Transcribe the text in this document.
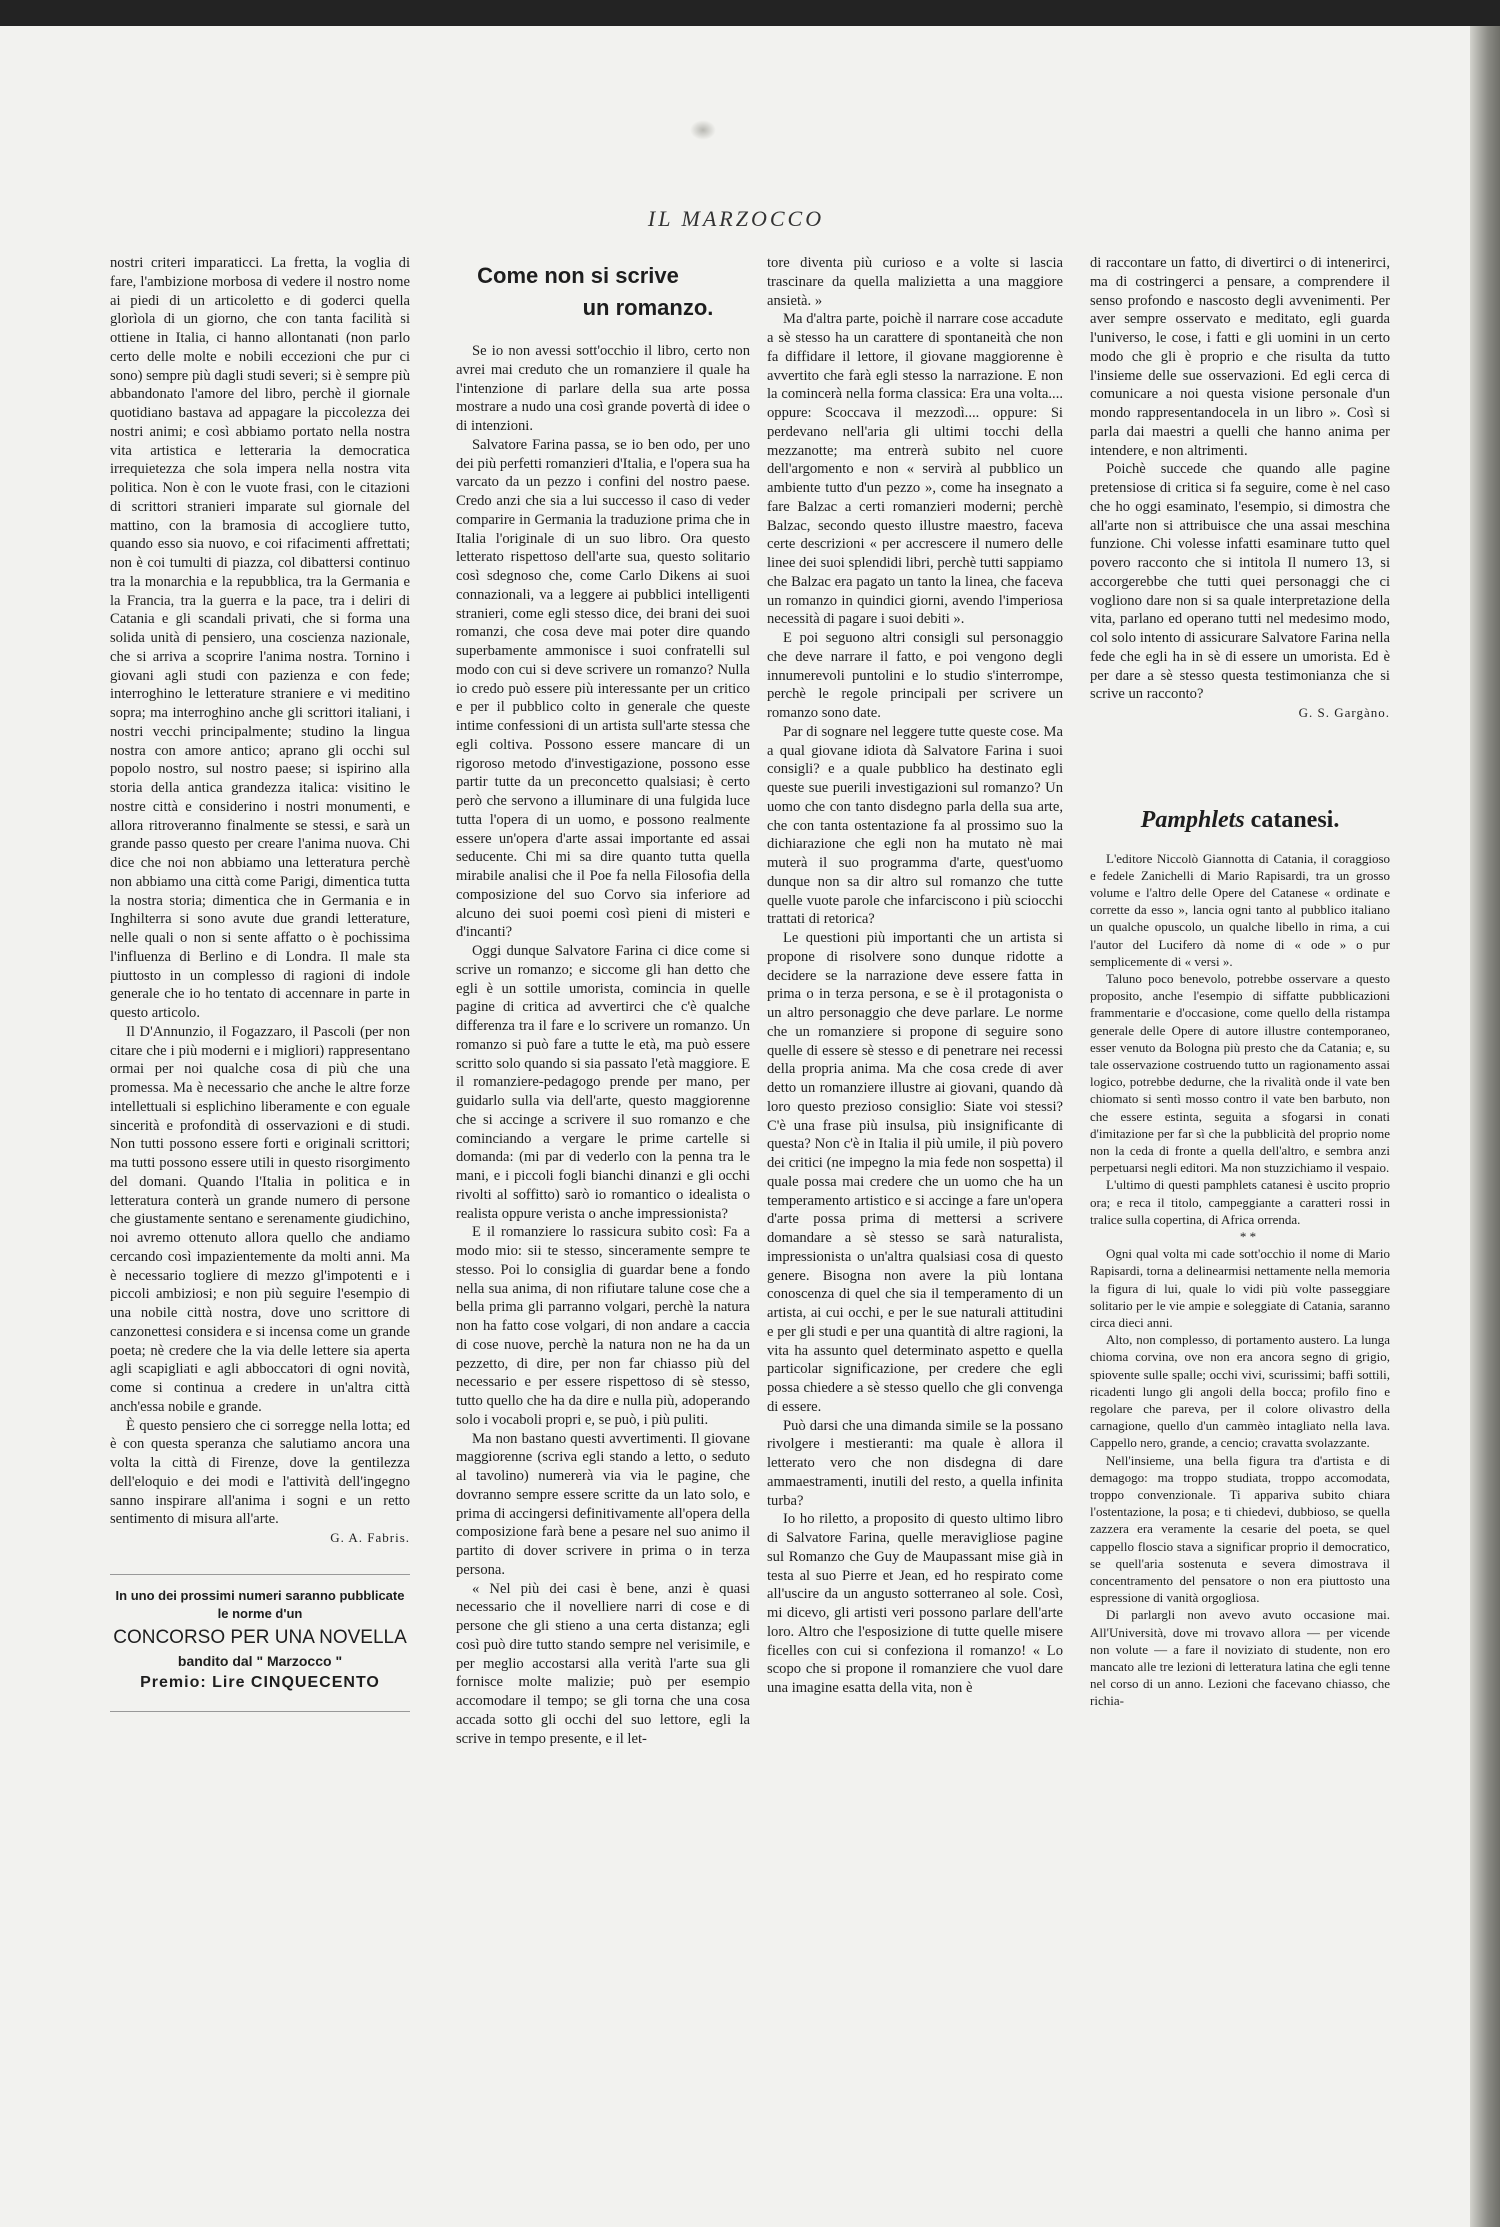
IL MARZOCCO

nostri criteri imparaticci. La fretta, la voglia di fare, l'ambizione morbosa di vedere il nostro nome ai piedi di un articoletto e di goderci quella glorìola di un giorno, che con tanta facilità si ottiene in Italia, ci hanno allontanati (non parlo certo delle molte e nobili eccezioni che pur ci sono) sempre più dagli studi severi; si è sempre più abbandonato l'amore del libro, perchè il giornale quotidiano bastava ad appagare la piccolezza dei nostri animi; e così abbiamo portato nella nostra vita artistica e letteraria la democratica irrequietezza che sola impera nella nostra vita politica. Non è con le vuote frasi, con le citazioni di scrittori stranieri imparate sul giornale del mattino, con la bramosia di accogliere tutto, quando esso sia nuovo, e coi rifacimenti affrettati; non è coi tumulti di piazza, col dibattersi continuo tra la monarchia e la repubblica, tra la Germania e la Francia, tra la guerra e la pace, tra i deliri di Catania e gli scandali privati, che si forma una solida unità di pensiero, una coscienza nazionale, che si arriva a scoprire l'anima nostra. Tornino i giovani agli studi con pazienza e con fede; interroghino le letterature straniere e vi meditino sopra; ma interroghino anche gli scrittori italiani, i nostri vecchi principalmente; studino la lingua nostra con amore antico; aprano gli occhi sul popolo nostro, sul nostro paese; si ispirino alla storia della antica grandezza italica: visitino le nostre città e considerino i nostri monumenti, e allora ritroveranno finalmente se stessi, e sarà un grande passo questo per creare l'anima nuova. Chi dice che noi non abbiamo una letteratura perchè non abbiamo una città come Parigi, dimentica tutta la nostra storia; dimentica che in Germania e in Inghilterra si sono avute due grandi letterature, nelle quali o non si sente affatto o è pochissima l'influenza di Berlino e di Londra. Il male sta piuttosto in un complesso di ragioni di indole generale che io ho tentato di accennare in parte in questo articolo.

Il D'Annunzio, il Fogazzaro, il Pascoli (per non citare che i più moderni e i migliori) rappresentano ormai per noi qualche cosa di più che una promessa. Ma è necessario che anche le altre forze intellettuali si esplichino liberamente e con eguale sincerità e profondità di osservazioni e di studi. Non tutti possono essere forti e originali scrittori; ma tutti possono essere utili in questo risorgimento del domani. Quando l'Italia in politica e in letteratura conterà un grande numero di persone che giustamente sentano e serenamente giudichino, noi avremo ottenuto allora quello che andiamo cercando così impazientemente da molti anni. Ma è necessario togliere di mezzo gl'impotenti e i piccoli ambiziosi; e non più seguire l'esempio di una nobile città nostra, dove uno scrittore di canzonettesi considera e si incensa come un grande poeta; nè credere che la via delle lettere sia aperta agli scapigliati e agli abboccatori di ogni novità, come si continua a credere in un'altra città anch'essa nobile e grande.

È questo pensiero che ci sorregge nella lotta; ed è con questa speranza che salutiamo ancora una volta la città di Firenze, dove la gentilezza dell'eloquio e dei modi e l'attività dell'ingegno sanno inspirare all'anima i sogni e un retto sentimento di misura all'arte.

G. A. Fabris.

In uno dei prossimi numeri saranno pubblicate le norme d'un
CONCORSO PER UNA NOVELLA
bandito dal " Marzocco "
Premio: Lire CINQUECENTO
Come non si scrive
un romanzo.

Se io non avessi sott'occhio il libro, certo non avrei mai creduto che un romanziere il quale ha l'intenzione di parlare della sua arte possa mostrare a nudo una così grande povertà di idee o di intenzioni.

Salvatore Farina passa, se io ben odo, per uno dei più perfetti romanzieri d'Italia, e l'opera sua ha varcato da un pezzo i confini del nostro paese. Credo anzi che sia a lui successo il caso di veder comparire in Germania la traduzione prima che in Italia l'originale di un suo libro. Ora questo letterato rispettoso dell'arte sua, questo solitario così sdegnoso che, come Carlo Dikens ai suoi connazionali, va a leggere ai pubblici intelligenti stranieri, come egli stesso dice, dei brani dei suoi romanzi, che cosa deve mai poter dire quando superbamente ammonisce i suoi confratelli sul modo con cui si deve scrivere un romanzo? Nulla io credo può essere più interessante per un critico e per il pubblico colto in generale che queste intime confessioni di un artista sull'arte stessa che egli coltiva. Possono essere mancare di un rigoroso metodo d'investigazione, possono esse partir tutte da un preconcetto qualsiasi; è certo però che servono a illuminare di una fulgida luce tutta l'opera di un uomo, e possono realmente essere un'opera d'arte assai importante ed assai seducente. Chi mi sa dire quanto tutta quella mirabile analisi che il Poe fa nella Filosofia della composizione del suo Corvo sia inferiore ad alcuno dei suoi poemi così pieni di misteri e d'incanti?

Oggi dunque Salvatore Farina ci dice come si scrive un romanzo; e siccome gli han detto che egli è un sottile umorista, comincia in quelle pagine di critica ad avvertirci che c'è qualche differenza tra il fare e lo scrivere un romanzo. Un romanzo si può fare a tutte le età, ma può essere scritto solo quando si sia passato l'età maggiore. E il romanziere-pedagogo prende per mano, per guidarlo sulla via dell'arte, questo maggiorenne che si accinge a scrivere il suo romanzo e che cominciando a vergare le prime cartelle si domanda: (mi par di vederlo con la penna tra le mani, e i piccoli fogli bianchi dinanzi e gli occhi rivolti al soffitto) sarò io romantico o idealista o realista oppure verista o anche impressionista?

E il romanziere lo rassicura subito così: Fa a modo mio: sii te stesso, sinceramente sempre te stesso. Poi lo consiglia di guardar bene a fondo nella sua anima, di non rifiutare talune cose che a bella prima gli parranno volgari, perchè la natura non ha fatto cose volgari, di non andare a caccia di cose nuove, perchè la natura non ne ha da un pezzetto, di dire, per non far chiasso più del necessario e per essere rispettoso di sè stesso, tutto quello che ha da dire e nulla più, adoperando solo i vocaboli propri e, se può, i più puliti.

Ma non bastano questi avvertimenti. Il giovane maggiorenne (scriva egli stando a letto, o seduto al tavolino) numererà via via le pagine, che dovranno sempre essere scritte da un lato solo, e prima di accingersi definitivamente all'opera della composizione farà bene a pesare nel suo animo il partito di dover scrivere in prima o in terza persona.

« Nel più dei casi è bene, anzi è quasi necessario che il novelliere narri di cose e di persone che gli stieno a una certa distanza; egli così può dire tutto stando sempre nel verisimile, e per meglio accostarsi alla verità l'arte sua gli fornisce molte malizie; può per esempio accomodare il tempo; se gli torna che una cosa accada sotto gli occhi del suo lettore, egli la scrive in tempo presente, e il let-

tore diventa più curioso e a volte si lascia trascinare da quella malizietta a una maggiore ansietà. »

Ma d'altra parte, poichè il narrare cose accadute a sè stesso ha un carattere di spontaneità che non fa diffidare il lettore, il giovane maggiorenne è avvertito che farà egli stesso la narrazione. E non la comincerà nella forma classica: Era una volta.... oppure: Scoccava il mezzodì.... oppure: Si perdevano nell'aria gli ultimi tocchi della mezzanotte; ma entrerà subito nel cuore dell'argomento e non « servirà al pubblico un ambiente tutto d'un pezzo », come ha insegnato a fare Balzac a certi romanzieri moderni; perchè Balzac, secondo questo illustre maestro, faceva certe descrizioni « per accrescere il numero delle linee dei suoi splendidi libri, perchè tutti sappiamo che Balzac era pagato un tanto la linea, che faceva un romanzo in quindici giorni, avendo l'imperiosa necessità di pagare i suoi debiti ».

E poi seguono altri consigli sul personaggio che deve narrare il fatto, e poi vengono degli innumerevoli puntolini e lo studio s'interrompe, perchè le regole principali per scrivere un romanzo sono date.

Par di sognare nel leggere tutte queste cose. Ma a qual giovane idiota dà Salvatore Farina i suoi consigli? e a quale pubblico ha destinato egli queste sue puerili investigazioni sul romanzo? Un uomo che con tanto disdegno parla della sua arte, che con tanta ostentazione fa al prossimo suo la dichiarazione che egli non ha mutato nè mai muterà il suo programma d'arte, quest'uomo dunque non sa dir altro sul romanzo che tutte quelle vuote parole che infarciscono i più sciocchi trattati di retorica?

Le questioni più importanti che un artista si propone di risolvere sono dunque ridotte a decidere se la narrazione deve essere fatta in prima o in terza persona, e se è il protagonista o un altro personaggio che deve parlare. Le norme che un romanziere si propone di seguire sono quelle di essere sè stesso e di penetrare nei recessi della propria anima. Ma che cosa crede di aver detto un romanziere illustre ai giovani, quando dà loro questo prezioso consiglio: Siate voi stessi? C'è una frase più insulsa, più insignificante di questa? Non c'è in Italia il più umile, il più povero dei critici (ne impegno la mia fede non sospetta) il quale possa mai credere che un uomo che ha un temperamento artistico e si accinge a fare un'opera d'arte possa prima di mettersi a scrivere domandare a sè stesso se sarà naturalista, impressionista o un'altra qualsiasi cosa di questo genere. Bisogna non avere la più lontana conoscenza di quel che sia il temperamento di un artista, ai cui occhi, e per le sue naturali attitudini e per gli studi e per una quantità di altre ragioni, la vita ha assunto quel determinato aspetto e quella particolar significazione, per credere che egli possa chiedere a sè stesso quello che gli convenga di essere.

Può darsi che una dimanda simile se la possano rivolgere i mestieranti: ma quale è allora il letterato vero che non disdegna di dare ammaestramenti, inutili del resto, a quella infinita turba?

Io ho riletto, a proposito di questo ultimo libro di Salvatore Farina, quelle meravigliose pagine sul Romanzo che Guy de Maupassant mise già in testa al suo Pierre et Jean, ed ho respirato come all'uscire da un angusto sotterraneo al sole. Così, mi dicevo, gli artisti veri possono parlare dell'arte loro. Altro che l'esposizione di tutte quelle misere ficelles con cui si confeziona il romanzo! « Lo scopo che si propone il romanziere che vuol dare una imagine esatta della vita, non è

di raccontare un fatto, di divertirci o di intenerirci, ma di costringerci a pensare, a comprendere il senso profondo e nascosto degli avvenimenti. Per aver sempre osservato e meditato, egli guarda l'universo, le cose, i fatti e gli uomini in un certo modo che gli è proprio e che risulta da tutto l'insieme delle sue osservazioni. Ed egli cerca di comunicare a noi questa visione personale d'un mondo rappresentandocela in un libro ». Così si parla dai maestri a quelli che hanno anima per intendere, e non altrimenti.

Poichè succede che quando alle pagine pretensiose di critica si fa seguire, come è nel caso che ho oggi esaminato, l'esempio, si dimostra che all'arte non si attribuisce che una assai meschina funzione. Chi volesse infatti esaminare tutto quel povero racconto che si intitola Il numero 13, si accorgerebbe che tutti quei personaggi che ci vogliono dare non si sa quale interpretazione della vita, parlano ed operano tutti nel medesimo modo, col solo intento di assicurare Salvatore Farina nella fede che egli ha in sè di essere un umorista. Ed è per dare a sè stesso questa testimonianza che si scrive un racconto?

G. S. Gargàno.

Pamphlets catanesi.

L'editore Niccolò Giannotta di Catania, il coraggioso e fedele Zanichelli di Mario Rapisardi, tra un grosso volume e l'altro delle Opere del Catanese « ordinate e corrette da esso », lancia ogni tanto al pubblico italiano un qualche opuscolo, un qualche libello in rima, a cui l'autor del Lucifero dà nome di « ode » o pur semplicemente di « versi ».

Taluno poco benevolo, potrebbe osservare a questo proposito, anche l'esempio di siffatte pubblicazioni frammentarie e d'occasione, come quello della ristampa generale delle Opere di autore illustre contemporaneo, esser venuto da Bologna più presto che da Catania; e, su tale osservazione costruendo tutto un ragionamento assai logico, potrebbe dedurne, che la rivalità onde il vate ben chiomato si sentì mosso contro il vate ben barbuto, non che essere estinta, seguita a sfogarsi in conati d'imitazione per far sì che la pubblicità del proprio nome non la ceda di fronte a quella dell'altro, e sembra anzi perpetuarsi negli editori. Ma non stuzzichiamo il vespaio.

L'ultimo di questi pamphlets catanesi è uscito proprio ora; e reca il titolo, campeggiante a caratteri rossi in tralice sulla copertina, di Africa orrenda.

* *

Ogni qual volta mi cade sott'occhio il nome di Mario Rapisardi, torna a delinearmisi nettamente nella memoria la figura di lui, quale lo vidi più volte passeggiare solitario per le vie ampie e soleggiate di Catania, saranno circa dieci anni.

Alto, non complesso, di portamento austero. La lunga chioma corvina, ove non era ancora segno di grigio, spiovente sulle spalle; occhi vivi, scurissimi; baffi sottili, ricadenti lungo gli angoli della bocca; profilo fino e regolare che pareva, per il colore olivastro della carnagione, quello d'un cammèo intagliato nella lava. Cappello nero, grande, a cencio; cravatta svolazzante.

Nell'insieme, una bella figura tra d'artista e di demagogo: ma troppo studiata, troppo accomodata, troppo convenzionale. Ti appariva subito chiara l'ostentazione, la posa; e ti chiedevi, dubbioso, se quella zazzera era veramente la cesarie del poeta, se quel cappello floscio stava a significar proprio il democratico, se quell'aria sostenuta e severa dimostrava il concentramento del pensatore o non era piuttosto una espressione di vanità orgogliosa.

Di parlargli non avevo avuto occasione mai. All'Università, dove mi trovavo allora — per vicende non volute — a fare il noviziato di studente, non ero mancato alle tre lezioni di letteratura latina che egli tenne nel corso di un anno. Lezioni che facevano chiasso, che richia-
